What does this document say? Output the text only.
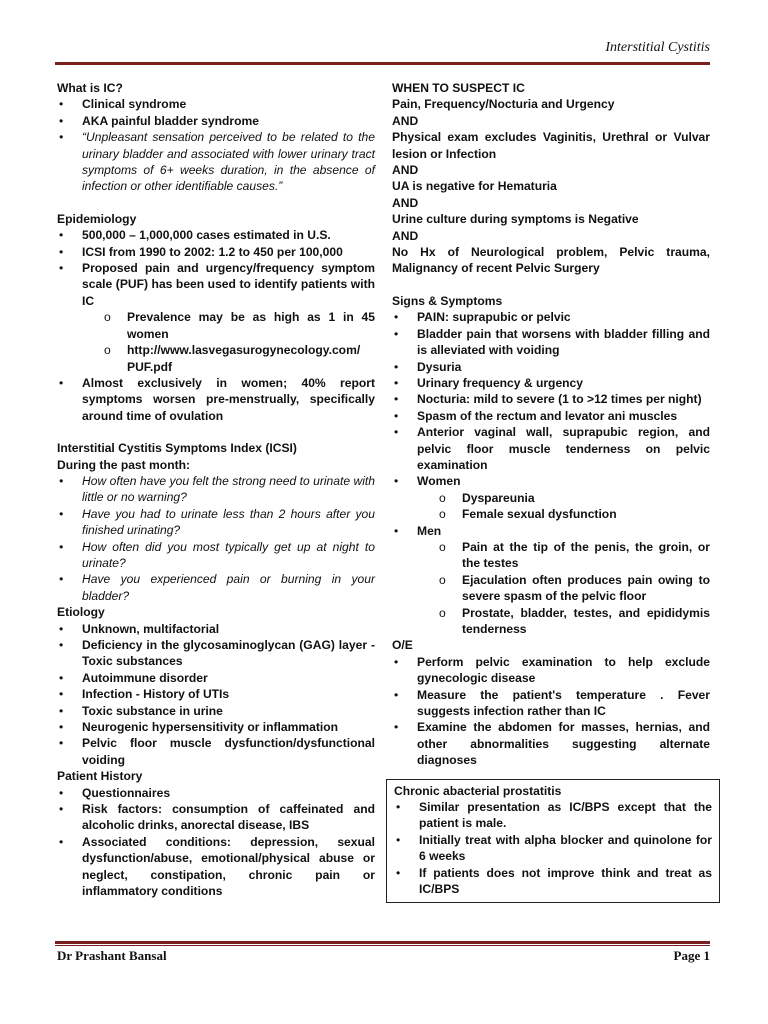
Interstitial Cystitis
What is IC?
• Clinical syndrome
• AKA painful bladder syndrome
• “Unpleasant sensation perceived to be related to the urinary bladder and associated with lower urinary tract symptoms of 6+ weeks duration, in the absence of infection or other identifiable causes.”
Epidemiology
• 500,000 – 1,000,000 cases estimated in U.S.
• ICSI from 1990 to 2002: 1.2 to 450 per 100,000
• Proposed pain and urgency/frequency symptom scale (PUF) has been used to identify patients with IC
o Prevalence may be as high as 1 in 45 women
o http://www.lasvegasurogynecology.com/ PUF.pdf
• Almost exclusively in women; 40% report symptoms worsen pre-menstrually, specifically around time of ovulation
Interstitial Cystitis Symptoms Index (ICSI)
During the past month:
• How often have you felt the strong need to urinate with little or no warning?
• Have you had to urinate less than 2 hours after you finished urinating?
• How often did you most typically get up at night to urinate?
• Have you experienced pain or burning in your bladder?
Etiology
• Unknown, multifactorial
• Deficiency in the glycosaminoglycan (GAG) layer - Toxic substances
• Autoimmune disorder
• Infection - History of UTIs
• Toxic substance in urine
• Neurogenic hypersensitivity or inflammation
• Pelvic floor muscle dysfunction/dysfunctional voiding
Patient History
• Questionnaires
• Risk factors: consumption of caffeinated and alcoholic drinks, anorectal disease, IBS
• Associated conditions: depression, sexual dysfunction/abuse, emotional/physical abuse or neglect, constipation, chronic pain or inflammatory conditions
WHEN TO SUSPECT IC
Pain, Frequency/Nocturia and Urgency
AND
Physical exam excludes Vaginitis, Urethral or Vulvar lesion or Infection
AND
UA is negative for Hematuria
AND
Urine culture during symptoms is Negative
AND
No Hx of Neurological problem, Pelvic trauma, Malignancy of recent Pelvic Surgery
Signs & Symptoms
• PAIN: suprapubic or pelvic
• Bladder pain that worsens with bladder filling and is alleviated with voiding
• Dysuria
• Urinary frequency & urgency
• Nocturia: mild to severe (1 to >12 times per night)
• Spasm of the rectum and levator ani muscles
• Anterior vaginal wall, suprapubic region, and pelvic floor muscle tenderness on pelvic examination
• Women
o Dyspareunia
o Female sexual dysfunction
• Men
o Pain at the tip of the penis, the groin, or the testes
o Ejaculation often produces pain owing to severe spasm of the pelvic floor
o Prostate, bladder, testes, and epididymis tenderness
O/E
• Perform pelvic examination to help exclude gynecologic disease
• Measure the patient's temperature . Fever suggests infection rather than IC
• Examine the abdomen for masses, hernias, and other abnormalities suggesting alternate diagnoses
Chronic abacterial prostatitis
• Similar presentation as IC/BPS except that the patient is male.
• Initially treat with alpha blocker and quinolone for 6 weeks
• If patients does not improve think and treat as IC/BPS
Dr Prashant Bansal	Page 1
